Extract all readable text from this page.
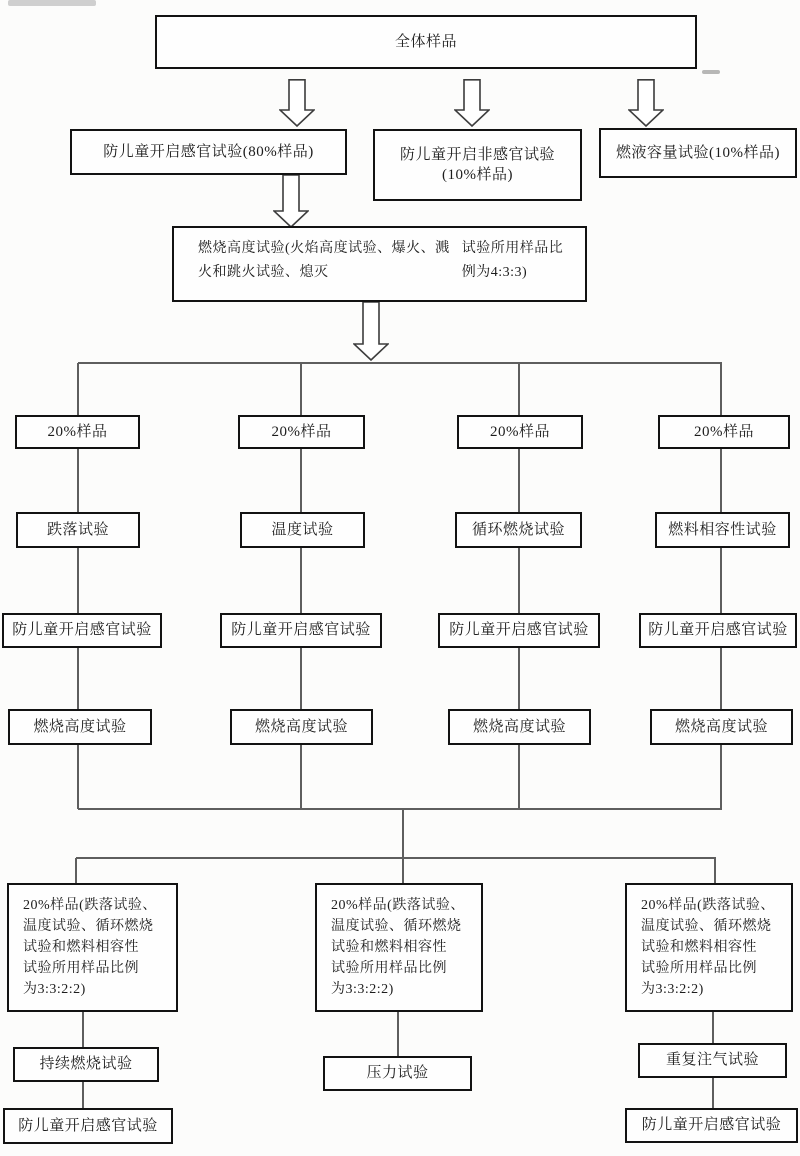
全体样品
防儿童开启感官试验(80%样品)	防儿童开启非感官试验
(10%样品)
燃液容量试验(10%样品)
燃烧高度试验(火焰高度试验、爆火、溅火和跳火试验、熄灭
试验所用样品比例为4:3:3)
20%样品	20%样品	20%样品	20%样品
跌落试验	温度试验	循环燃烧试验	燃料相容性试验
防儿童开启感官试验	防儿童开启感官试验	防儿童开启感官试验	防儿童开启感官试验
燃烧高度试验	燃烧高度试验	燃烧高度试验	燃烧高度试验
20%样品(跌落试验、
温度试验、循环燃烧
试验和燃料相容性
试验所用样品比例
为3:3:2:2)
20%样品(跌落试验、
温度试验、循环燃烧
试验和燃料相容性
试验所用样品比例
为3:3:2:2)
20%样品(跌落试验、
温度试验、循环燃烧
试验和燃料相容性
试验所用样品比例
为3:3:2:2)
持续燃烧试验
防儿童开启感官试验
压力试验
重复注气试验
防儿童开启感官试验
